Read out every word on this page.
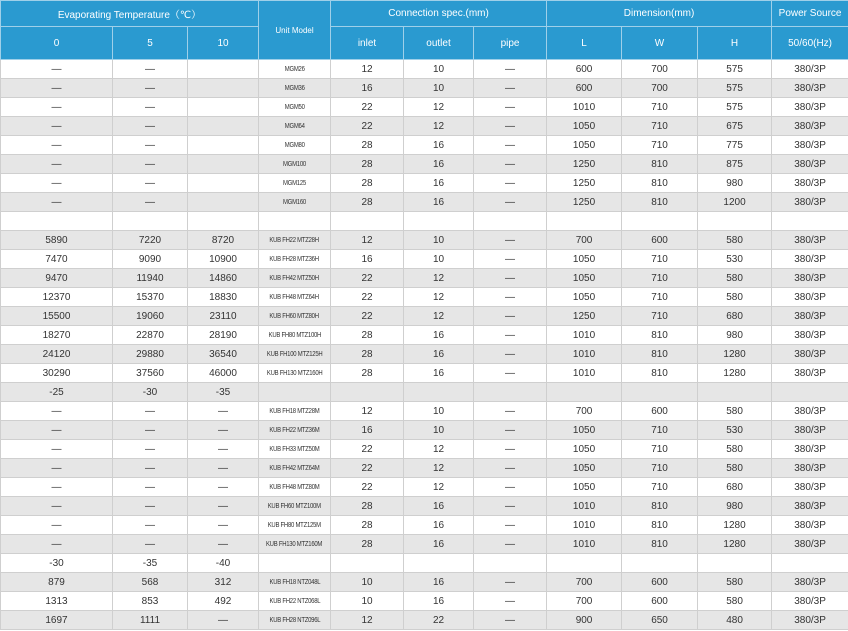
Evaporating Temperature（℃）			Unit Model	Connection spec.(mm)			Dimension(mm)			Power Source
0	5	10		inlet	outlet	pipe	L	W	H	50/60(Hz)
—	—		MGM26	12	10	—	600	700	575	380/3P
—	—		MGM36	16	10	—	600	700	575	380/3P
—	—		MGM50	22	12	—	1010	710	575	380/3P
—	—		MGM64	22	12	—	1050	710	675	380/3P
—	—		MGM80	28	16	—	1050	710	775	380/3P
—	—		MGM100	28	16	—	1250	810	875	380/3P
—	—		MGM125	28	16	—	1250	810	980	380/3P
—	—		MGM160	28	16	—	1250	810	1200	380/3P

5890	7220	8720	KUB FH22 MTZ28H	12	10	—	700	600	580	380/3P
7470	9090	10900	KUB FH28 MTZ36H	16	10	—	1050	710	530	380/3P
9470	11940	14860	KUB FH42 MTZ50H	22	12	—	1050	710	580	380/3P
12370	15370	18830	KUB FH48 MTZ64H	22	12	—	1050	710	580	380/3P
15500	19060	23110	KUB FH60 MTZ80H	22	12	—	1250	710	680	380/3P
18270	22870	28190	KUB FH80 MTZ100H	28	16	—	1010	810	980	380/3P
24120	29880	36540	KUB FH100 MTZ125H	28	16	—	1010	810	1280	380/3P
30290	37560	46000	KUB FH130 MTZ160H	28	16	—	1010	810	1280	380/3P
-25	-30	-35								
—	—	—	KUB FH18 MTZ28M	12	10	—	700	600	580	380/3P
—	—	—	KUB FH22 MTZ36M	16	10	—	1050	710	530	380/3P
—	—	—	KUB FH33 MTZ50M	22	12	—	1050	710	580	380/3P
—	—	—	KUB FH42 MTZ64M	22	12	—	1050	710	580	380/3P
—	—	—	KUB FH48 MTZ80M	22	12	—	1050	710	680	380/3P
—	—	—	KUB FH60 MTZ100M	28	16	—	1010	810	980	380/3P
—	—	—	KUB FH80 MTZ125M	28	16	—	1010	810	1280	380/3P
—	—	—	KUB FH130 MTZ160M	28	16	—	1010	810	1280	380/3P
-30	-35	-40								
879	568	312	KUB FH18 NTZ048L	10	16	—	700	600	580	380/3P
1313	853	492	KUB FH22 NTZ068L	10	16	—	700	600	580	380/3P
1697	1111	—	KUB FH28 NTZ096L	12	22	—	900	650	480	380/3P
